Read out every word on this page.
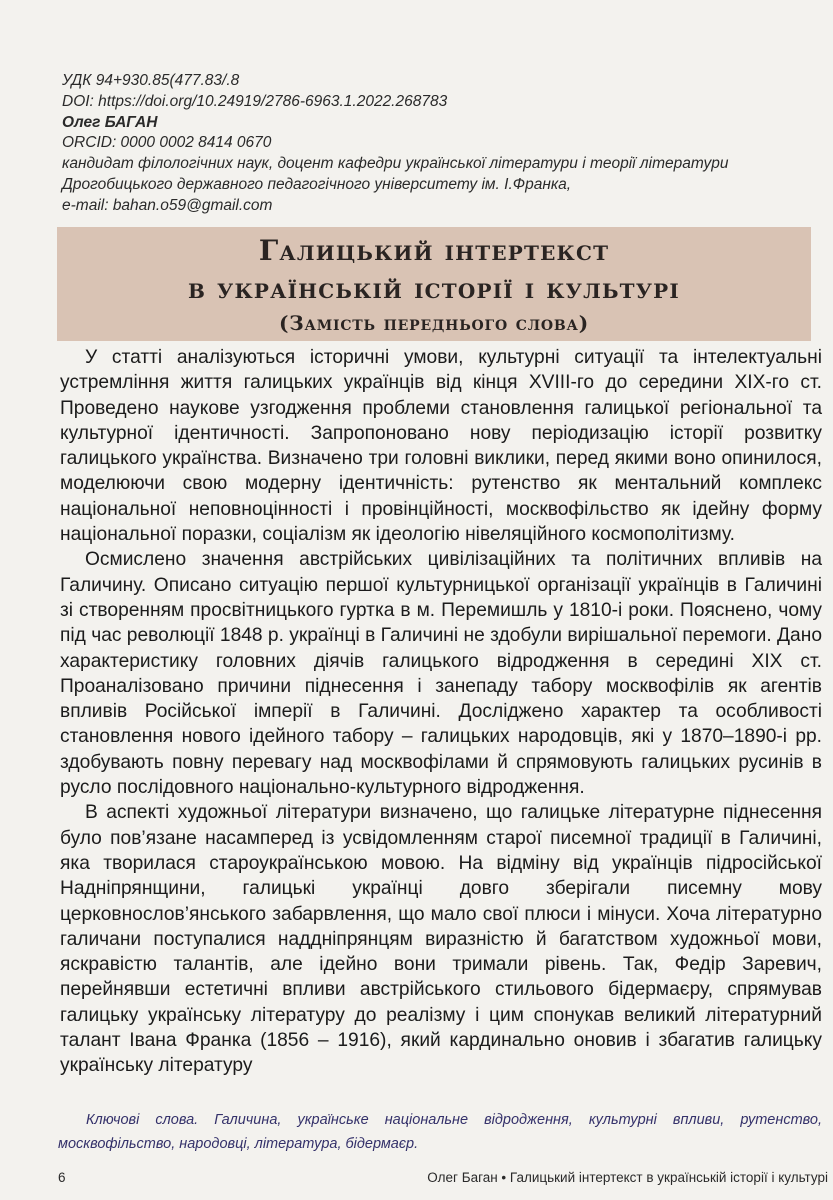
УДК 94+930.85(477.83/.8
DOI: https://doi.org/10.24919/2786-6963.1.2022.268783
Олег БАГАН
ORCID: 0000 0002 8414 0670
кандидат філологічних наук, доцент кафедри української літератури і теорії літератури
Дрогобицького державного педагогічного університету ім. І.Франка,
e-mail: bahan.o59@gmail.com
Галицький інтертекст
в українській історії і культурі
(Замість переднього слова)

У статті аналізуються історичні умови, культурні ситуації та інтелектуальні устремління життя галицьких українців від кінця XVIII-го до середини XIX-го ст. Проведено наукове узгодження проблеми становлення галицької регіональної та культурної ідентичності. Запропоновано нову періодизацію історії розвитку галицького українства. Визначено три головні виклики, перед якими воно опинилося, моделюючи свою модерну ідентичність: рутенство як ментальний комплекс національної неповноцінності і провінційності, москвофільство як ідейну форму національної поразки, соціалізм як ідеологію нівеляційного космополітизму.

Осмислено значення австрійських цивілізаційних та політичних впливів на Галичину. Описано ситуацію першої культурницької організації українців в Галичині зі створенням просвітницького гуртка в м. Перемишль у 1810-і роки. Пояснено, чому під час революції 1848 р. українці в Галичині не здобули вирішальної перемоги. Дано характеристику головних діячів галицького відродження в середині XIX ст. Проаналізовано причини піднесення і занепаду табору москвофілів як агентів впливів Російської імперії в Галичині. Досліджено характер та особливості становлення нового ідейного табору – галицьких народовців, які у 1870–1890-і рр. здобувають повну перевагу над москвофілами й спрямовують галицьких русинів в русло послідовного національно-культурного відродження.

В аспекті художньої літератури визначено, що галицьке літературне піднесення було пов’язане насамперед із усвідомленням старої писемної традиції в Галичині, яка творилася староукраїнською мовою. На відміну від українців підросійської Надніпрянщини, галицькі українці довго зберігали писемну мову церковнослов’янського забарвлення, що мало свої плюси і мінуси. Хоча літературно галичани поступалися наддніпрянцям виразністю й багатством художньої мови, яскравістю талантів, але ідейно вони тримали рівень. Так, Федір Заревич, перейнявши естетичні впливи австрійського стильового бідермаєру, спрямував галицьку українську літературу до реалізму і цим спонукав великий літературний талант Івана Франка (1856 – 1916), який кардинально оновив і збагатив галицьку українську літературу

Ключові слова. Галичина, українське національне відродження, культурні впливи, рутенство, москвофільство, народовці, література, бідермаєр.
6	Олег Баган • Галицький інтертекст в українській історії і культурі
